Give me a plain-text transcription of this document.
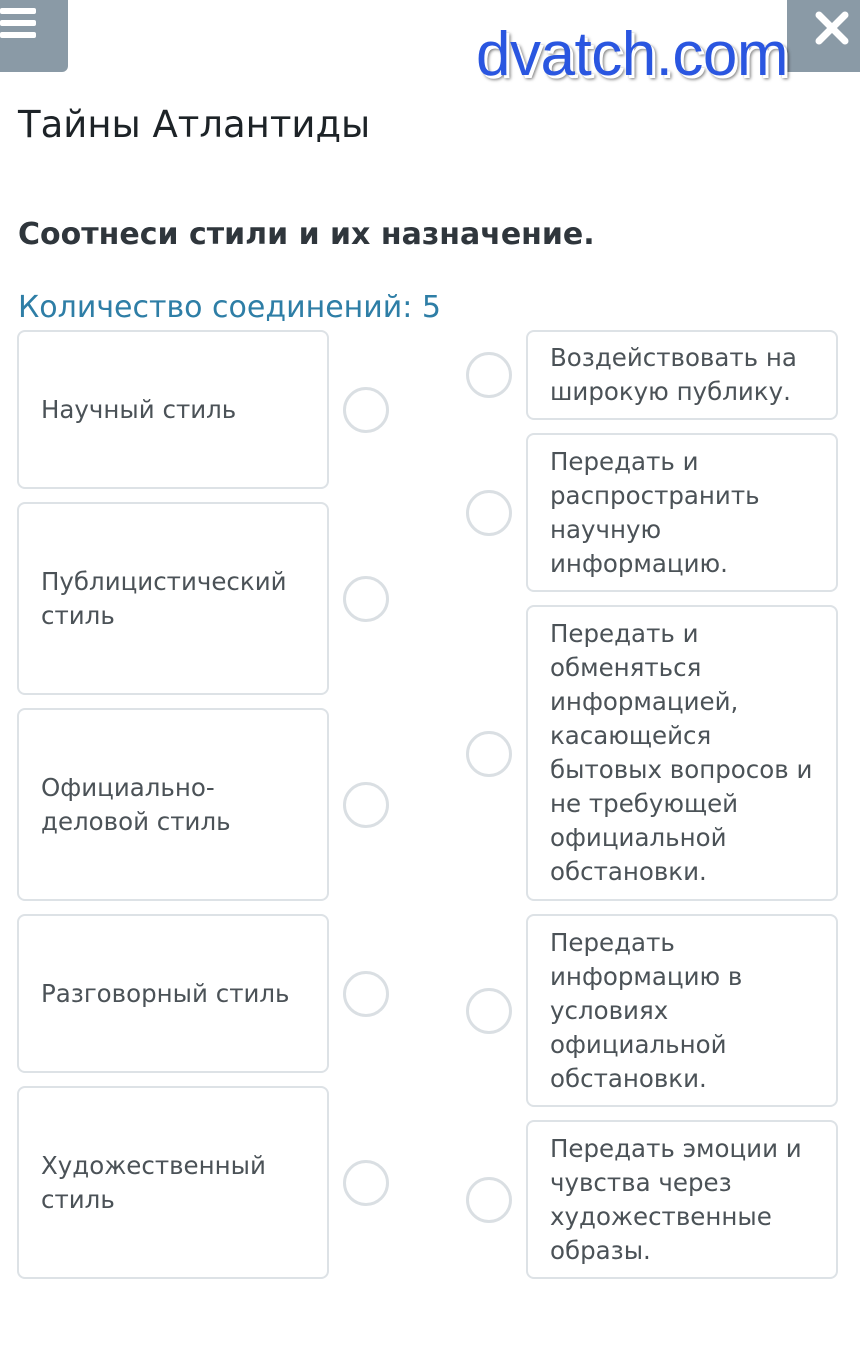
dvatch.com
Тайны Атлантиды
Соотнеси стили и их назначение.
Количество соединений: 5
Научный стиль
Публицистический стиль
Официально-деловой стиль
Разговорный стиль
Художественный стиль
Воздействовать на широкую публику.
Передать и распространить научную информацию.
Передать и обменяться информацией, касающейся бытовых вопросов и не требующей официальной обстановки.
Передать информацию в условиях официальной обстановки.
Передать эмоции и чувства через художественные образы.
